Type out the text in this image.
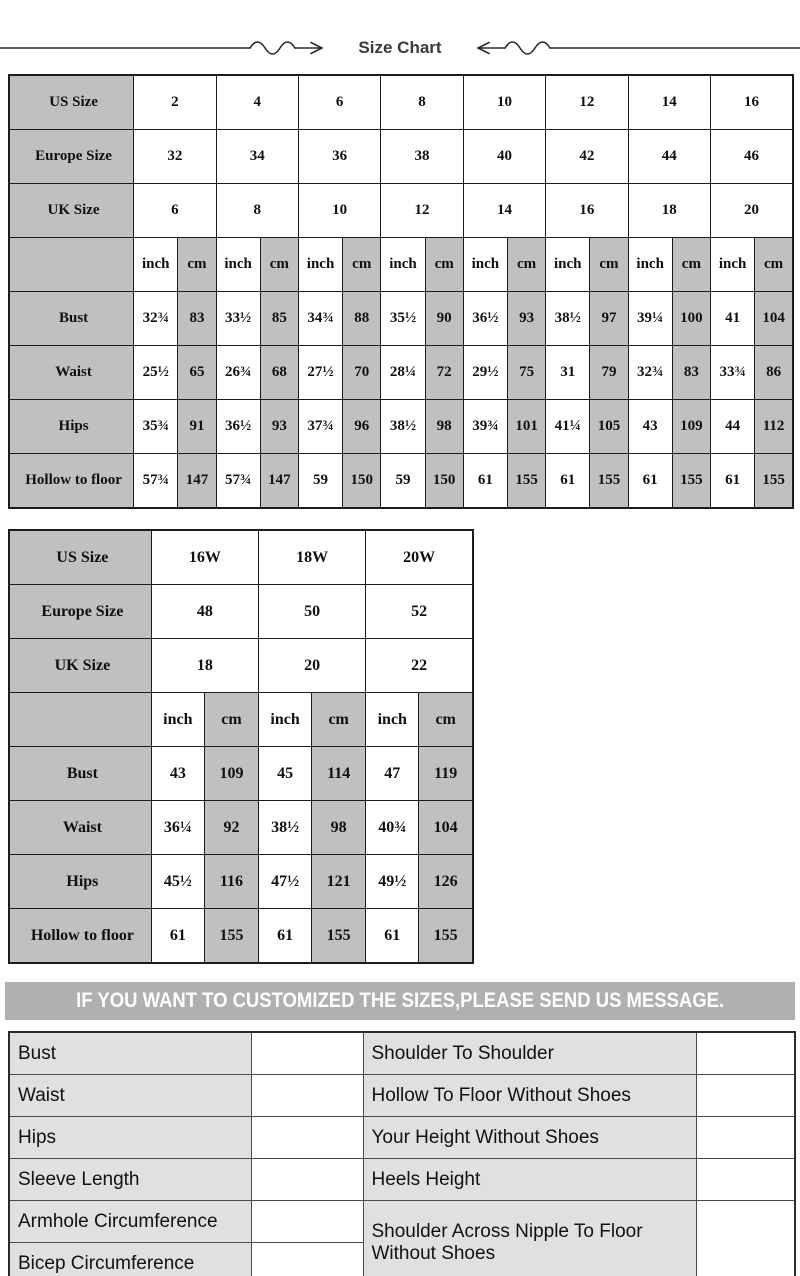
Size Chart
US Size	2		4		6		8		10		12		14		16	
Europe Size	32		34		36		38		40		42		44		46	
UK Size	6		8		10		12		14		16		18		20	
	inch	cm	inch	cm	inch	cm	inch	cm	inch	cm	inch	cm	inch	cm	inch	cm
Bust	32¾	83	33½	85	34¾	88	35½	90	36½	93	38½	97	39¼	100	41	104
Waist	25½	65	26¾	68	27½	70	28¼	72	29½	75	31	79	32¾	83	33¾	86
Hips	35¾	91	36½	93	37¾	96	38½	98	39¾	101	41¼	105	43	109	44	112
Hollow to floor	57¾	147	57¾	147	59	150	59	150	61	155	61	155	61	155	61	155
US Size	16W		18W		20W	
Europe Size	48		50		52	
UK Size	18		20		22	
	inch	cm	inch	cm	inch	cm
Bust	43	109	45	114	47	119
Waist	36¼	92	38½	98	40¾	104
Hips	45½	116	47½	121	49½	126
Hollow to floor	61	155	61	155	61	155
IF YOU WANT TO CUSTOMIZED THE SIZES,PLEASE SEND US MESSAGE.
Bust		Shoulder To Shoulder	
Waist		Hollow To Floor Without Shoes	
Hips		Your Height Without Shoes	
Sleeve Length		Heels Height	
Armhole Circumference		Shoulder Across Nipple To Floor Without Shoes	
Bicep Circumference			
